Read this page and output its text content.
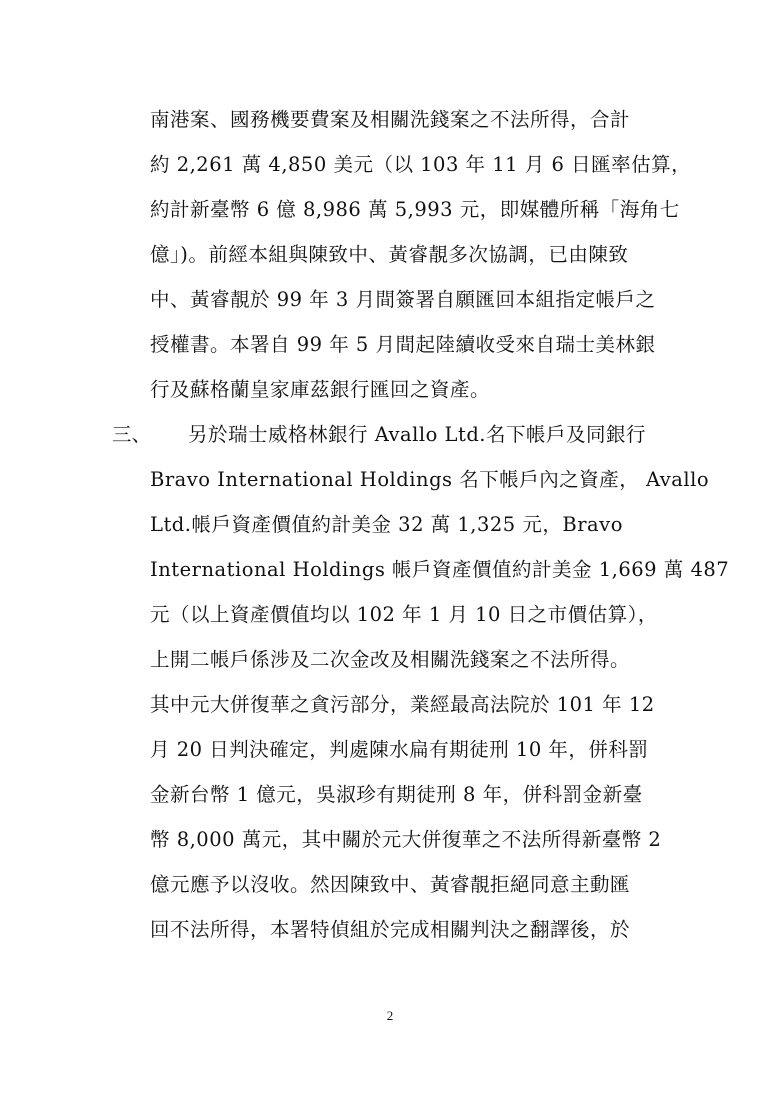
南港案、國務機要費案及相關洗錢案之不法所得，合計
約 2,261 萬 4,850 美元（以 103 年 11 月 6 日匯率估算，
約計新臺幣 6 億 8,986 萬 5,993 元，即媒體所稱「海角七
億」)。前經本組與陳致中、黃睿靚多次協調，已由陳致
中、黃睿靚於 99 年 3 月間簽署自願匯回本組指定帳戶之
授權書。本署自 99 年 5 月間起陸續收受來自瑞士美林銀
行及蘇格蘭皇家庫茲銀行匯回之資產。
三、 另於瑞士威格林銀行 Avallo Ltd.名下帳戶及同銀行
Bravo International Holdings 名下帳戶內之資產， Avallo
Ltd.帳戶資產價值約計美金 32 萬 1,325 元，Bravo
International Holdings 帳戶資產價值約計美金 1,669 萬 487
元（以上資產價值均以 102 年 1 月 10 日之市價估算），
上開二帳戶係涉及二次金改及相關洗錢案之不法所得。
其中元大併復華之貪污部分，業經最高法院於 101 年 12
月 20 日判決確定，判處陳水扁有期徒刑 10 年，併科罰
金新台幣 1 億元，吳淑珍有期徒刑 8 年，併科罰金新臺
幣 8,000 萬元，其中關於元大併復華之不法所得新臺幣 2
億元應予以沒收。然因陳致中、黃睿靚拒絕同意主動匯
回不法所得，本署特偵組於完成相關判決之翻譯後，於
2
